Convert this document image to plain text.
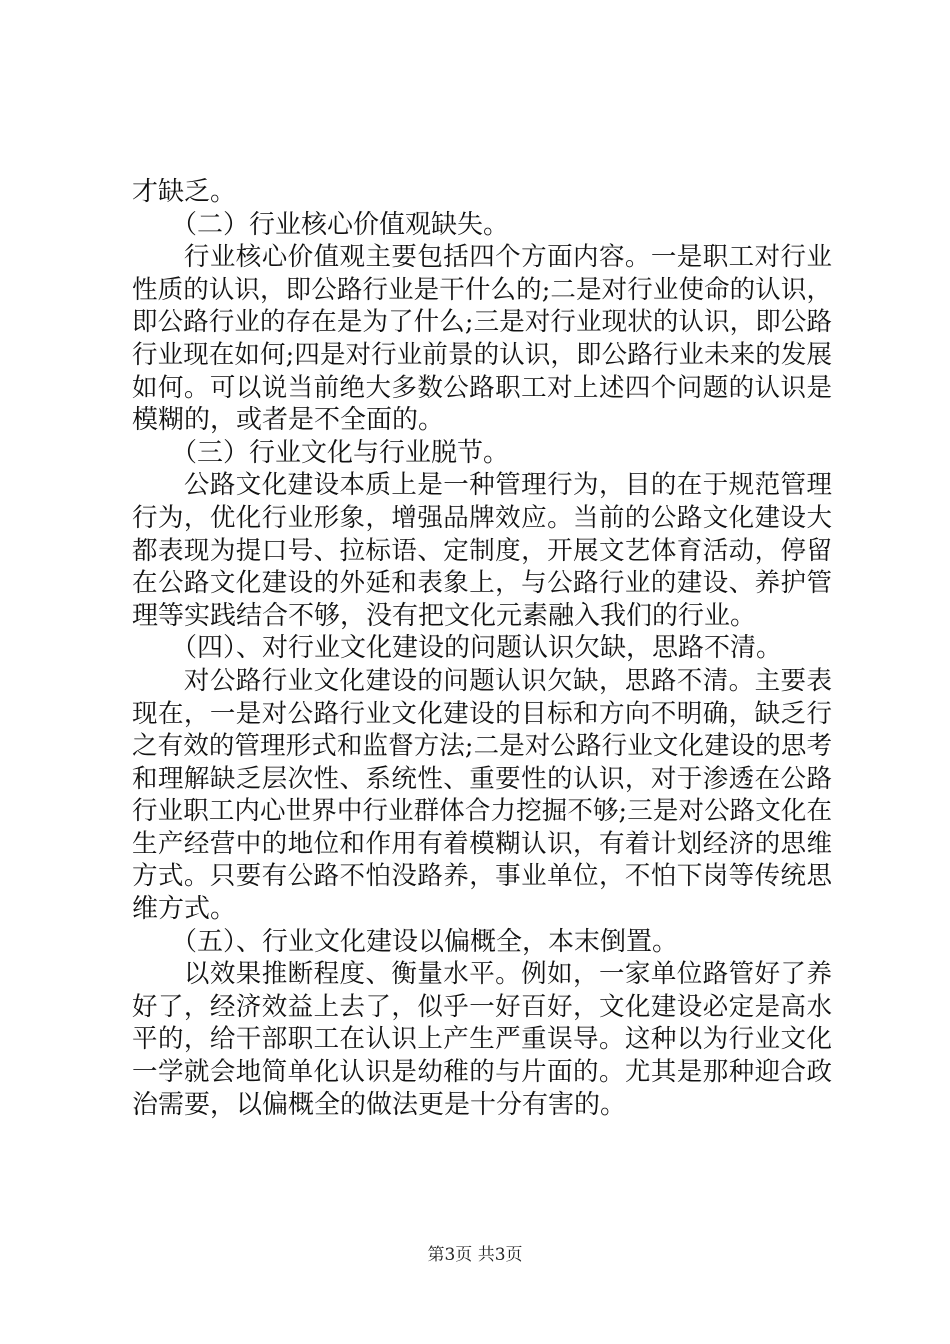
才缺乏。
　　（二）行业核心价值观缺失。
　　行业核心价值观主要包括四个方面内容。一是职工对行业
性质的认识，即公路行业是干什么的;二是对行业使命的认识，
即公路行业的存在是为了什么;三是对行业现状的认识，即公路
行业现在如何;四是对行业前景的认识，即公路行业未来的发展
如何。可以说当前绝大多数公路职工对上述四个问题的认识是
模糊的，或者是不全面的。
　　（三）行业文化与行业脱节。
　　公路文化建设本质上是一种管理行为，目的在于规范管理
行为，优化行业形象，增强品牌效应。当前的公路文化建设大
都表现为提口号、拉标语、定制度，开展文艺体育活动，停留
在公路文化建设的外延和表象上，与公路行业的建设、养护管
理等实践结合不够，没有把文化元素融入我们的行业。
　　（四）、对行业文化建设的问题认识欠缺，思路不清。
　　对公路行业文化建设的问题认识欠缺，思路不清。主要表
现在，一是对公路行业文化建设的目标和方向不明确，缺乏行
之有效的管理形式和监督方法;二是对公路行业文化建设的思考
和理解缺乏层次性、系统性、重要性的认识，对于渗透在公路
行业职工内心世界中行业群体合力挖掘不够;三是对公路文化在
生产经营中的地位和作用有着模糊认识，有着计划经济的思维
方式。只要有公路不怕没路养，事业单位，不怕下岗等传统思
维方式。
　　（五）、行业文化建设以偏概全，本末倒置。
　　以效果推断程度、衡量水平。例如，一家单位路管好了养
好了，经济效益上去了，似乎一好百好，文化建设必定是高水
平的，给干部职工在认识上产生严重误导。这种以为行业文化
一学就会地简单化认识是幼稚的与片面的。尤其是那种迎合政
治需要，以偏概全的做法更是十分有害的。
第3页 共3页
